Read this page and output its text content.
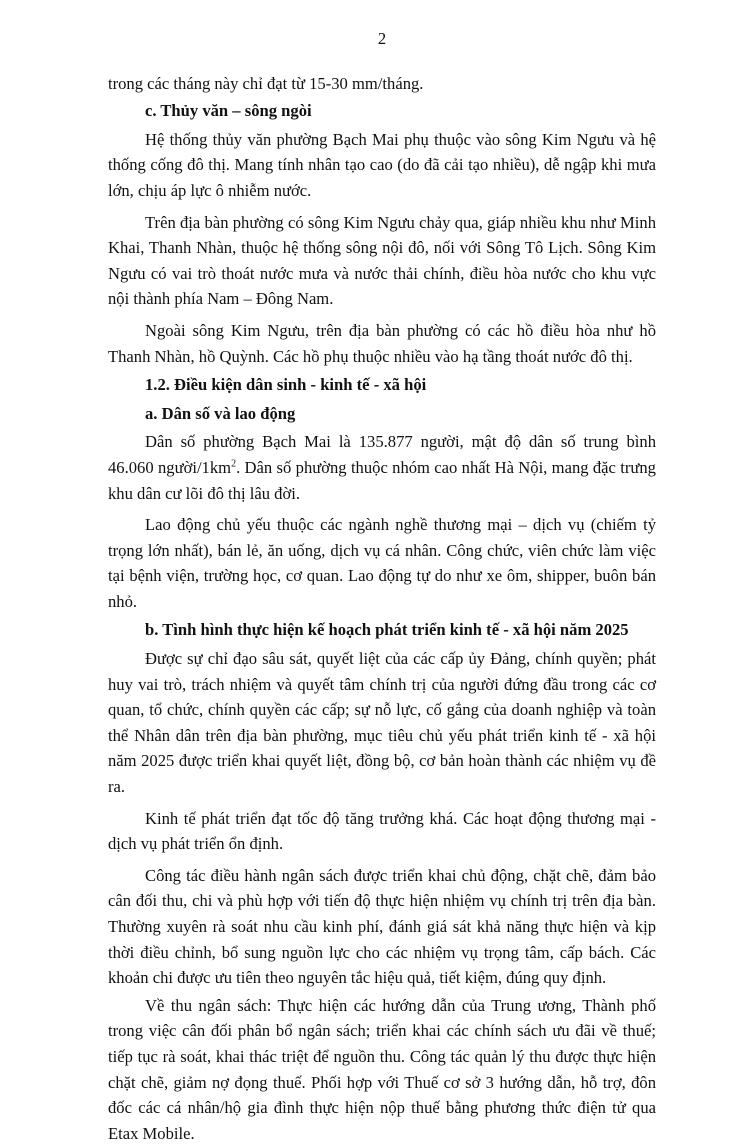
2

trong các tháng này chỉ đạt từ 15-30 mm/tháng.

c. Thủy văn – sông ngòi

Hệ thống thủy văn phường Bạch Mai phụ thuộc vào sông Kim Ngưu và hệ thống cống đô thị. Mang tính nhân tạo cao (do đã cải tạo nhiều), dễ ngập khi mưa lớn, chịu áp lực ô nhiễm nước.

Trên địa bàn phường có sông Kim Ngưu chảy qua, giáp nhiều khu như Minh Khai, Thanh Nhàn, thuộc hệ thống sông nội đô, nối với Sông Tô Lịch. Sông Kim Ngưu có vai trò thoát nước mưa và nước thải chính, điều hòa nước cho khu vực nội thành phía Nam – Đông Nam.

Ngoài sông Kim Ngưu, trên địa bàn phường có các hồ điều hòa như hồ Thanh Nhàn, hồ Quỳnh. Các hồ phụ thuộc nhiều vào hạ tầng thoát nước đô thị.

1.2. Điều kiện dân sinh - kinh tế - xã hội
a. Dân số và lao động

Dân số phường Bạch Mai là 135.877 người, mật độ dân số trung bình 46.060 người/$1km^2$. Dân số phường thuộc nhóm cao nhất Hà Nội, mang đặc trưng khu dân cư lõi đô thị lâu đời.

Lao động chủ yếu thuộc các ngành nghề thương mại – dịch vụ (chiếm tỷ trọng lớn nhất), bán lẻ, ăn uống, dịch vụ cá nhân. Công chức, viên chức làm việc tại bệnh viện, trường học, cơ quan. Lao động tự do như xe ôm, shipper, buôn bán nhỏ.

b. Tình hình thực hiện kế hoạch phát triển kinh tế - xã hội năm 2025

Được sự chỉ đạo sâu sát, quyết liệt của các cấp ủy Đảng, chính quyền; phát huy vai trò, trách nhiệm và quyết tâm chính trị của người đứng đầu trong các cơ quan, tổ chức, chính quyền các cấp; sự nỗ lực, cố gắng của doanh nghiệp và toàn thể Nhân dân trên địa bàn phường, mục tiêu chủ yếu phát triển kinh tế - xã hội năm 2025 được triển khai quyết liệt, đồng bộ, cơ bản hoàn thành các nhiệm vụ đề ra.

Kinh tế phát triển đạt tốc độ tăng trưởng khá. Các hoạt động thương mại - dịch vụ phát triển ổn định.

Công tác điều hành ngân sách được triển khai chủ động, chặt chẽ, đảm bảo cân đối thu, chi và phù hợp với tiến độ thực hiện nhiệm vụ chính trị trên địa bàn. Thường xuyên rà soát nhu cầu kinh phí, đánh giá sát khả năng thực hiện và kịp thời điều chỉnh, bổ sung nguồn lực cho các nhiệm vụ trọng tâm, cấp bách. Các khoản chi được ưu tiên theo nguyên tắc hiệu quả, tiết kiệm, đúng quy định.

Về thu ngân sách: Thực hiện các hướng dẫn của Trung ương, Thành phố trong việc cân đối phân bổ ngân sách; triển khai các chính sách ưu đãi về thuế; tiếp tục rà soát, khai thác triệt để nguồn thu. Công tác quản lý thu được thực hiện chặt chẽ, giảm nợ đọng thuế. Phối hợp với Thuế cơ sở 3 hướng dẫn, hỗ trợ, đôn đốc các cá nhân/hộ gia đình thực hiện nộp thuế bằng phương thức điện tử qua Etax Mobile.
